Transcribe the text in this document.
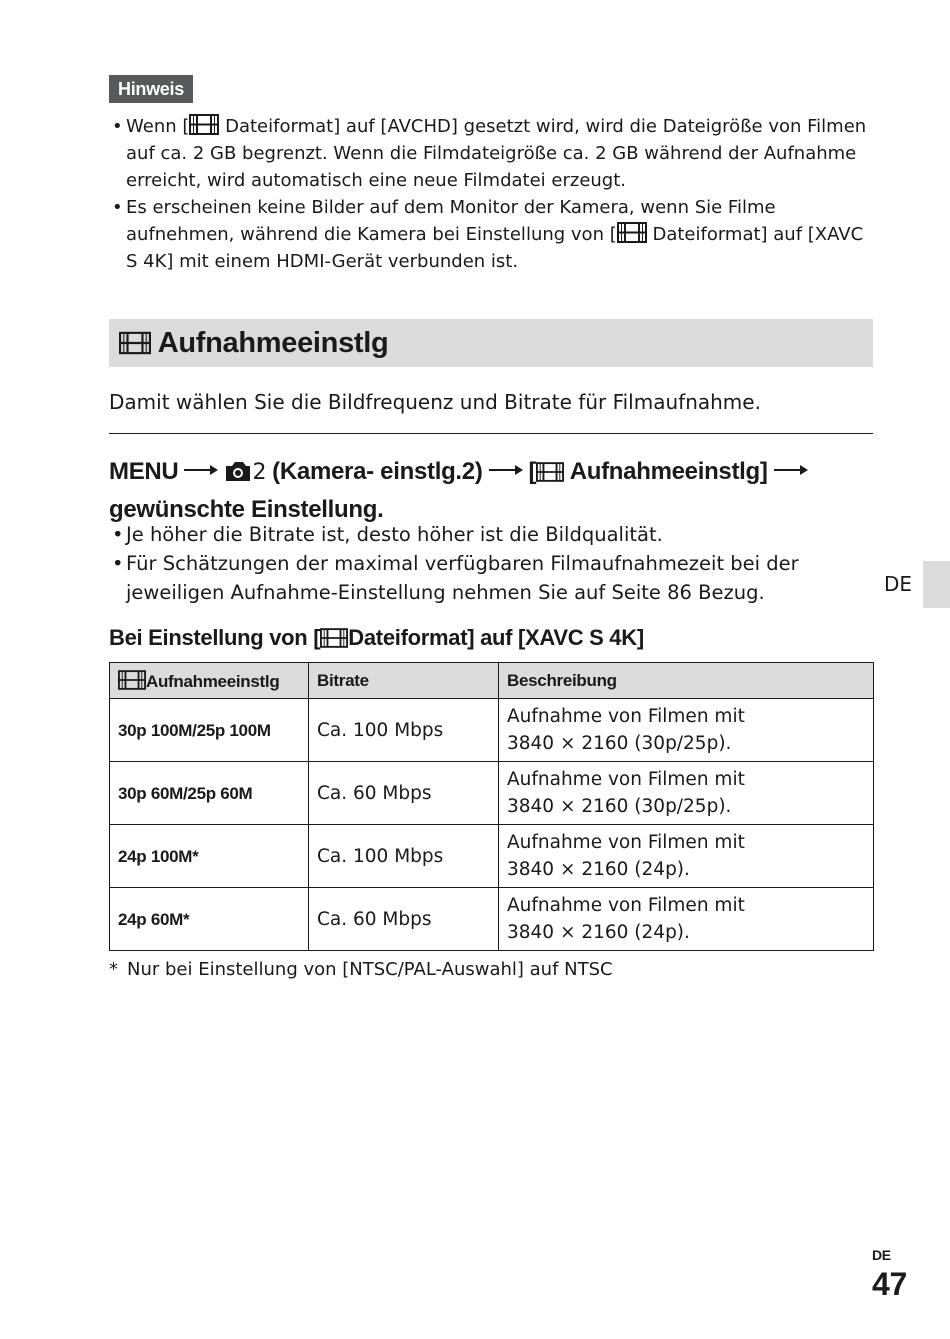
Hinweis
• Wenn [
Dateiformat] auf [AVCHD] gesetzt wird, wird die Dateigröße von Filmen auf ca. 2 GB begrenzt. Wenn die Filmdateigröße ca. 2 GB während der Aufnahme erreicht, wird automatisch eine neue Filmdatei erzeugt.
• Es erscheinen keine Bilder auf dem Monitor der Kamera, wenn Sie Filme aufnehmen, während die Kamera bei Einstellung von [
Dateiformat] auf [XAVC S 4K] mit einem HDMI-Gerät verbunden ist.
Aufnahmeeinstlg
Damit wählen Sie die Bildfrequenz und Bitrate für Filmaufnahme.
MENU	2 (Kamera- einstlg.2) [ Aufnahmeeinstlg]
gewünschte Einstellung.
• Je höher die Bitrate ist, desto höher ist die Bildqualität.
• Für Schätzungen der maximal verfügbaren Filmaufnahmezeit bei der jeweiligen Aufnahme-Einstellung nehmen Sie auf Seite 86 Bezug.
Bei Einstellung von [ Dateiformat] auf [XAVC S 4K]
Aufnahmeeinstlg	Bitrate	Beschreibung
30p 100M/25p 100M	Ca. 100 Mbps	Aufnahme von Filmen mit
3840 × 2160 (30p/25p).
30p 60M/25p 60M	Ca. 60 Mbps	Aufnahme von Filmen mit
3840 × 2160 (30p/25p).
24p 100M*	Ca. 100 Mbps	Aufnahme von Filmen mit
3840 × 2160 (24p).
24p 60M*	Ca. 60 Mbps	Aufnahme von Filmen mit
3840 × 2160 (24p).
* Nur bei Einstellung von [NTSC/PAL-Auswahl] auf NTSC
DE
DE
47
